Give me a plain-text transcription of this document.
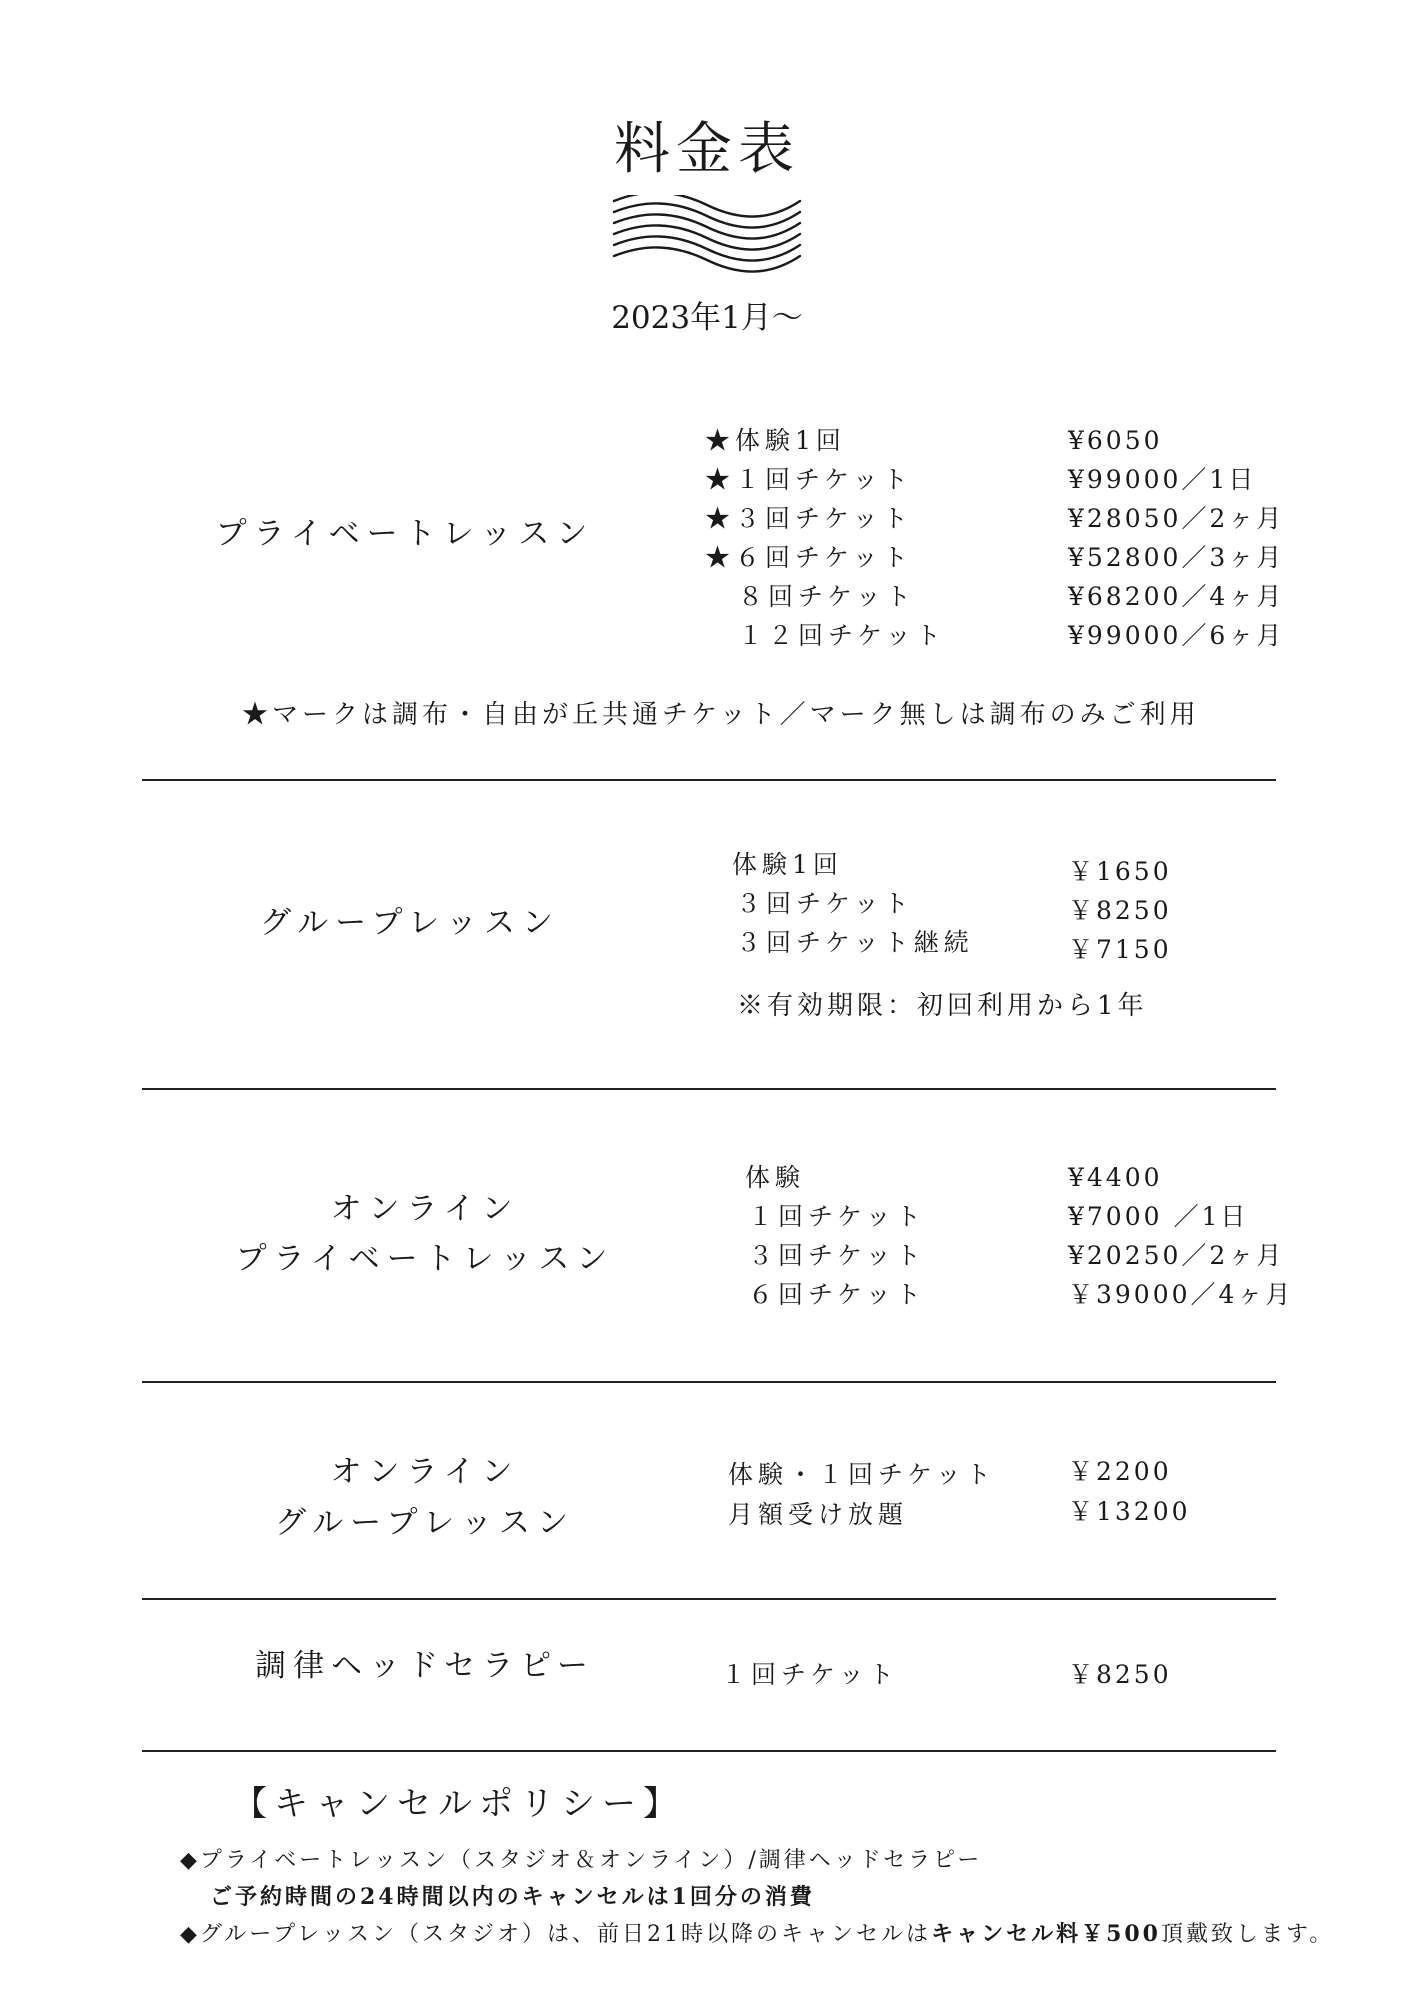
料金表
2023年1月～
プライベートレッスン
★体験1回	¥6050
★１回チケット	¥99000／1日
★３回チケット	¥28050／2ヶ月
★６回チケット	¥52800／3ヶ月
８回チケット	¥68200／4ヶ月
１２回チケット	¥99000／6ヶ月
★マークは調布・自由が丘共通チケット／マーク無しは調布のみご利用
グループレッスン
体験1回	￥1650
３回チケット	￥8250
３回チケット継続	￥7150
※有効期限：初回利用から1年
オンライン
プライベートレッスン
体験	¥4400
１回チケット	¥7000 ／1日
３回チケット	¥20250／2ヶ月
６回チケット	￥39000／4ヶ月
オンライン
グループレッスン
体験・１回チケット	￥2200
月額受け放題	￥13200
調律ヘッドセラピー	１回チケット	￥8250
【キャンセルポリシー】
◆プライベートレッスン（スタジオ＆オンライン）/調律ヘッドセラピー
ご予約時間の24時間以内のキャンセルは1回分の消費
◆グループレッスン（スタジオ）は、前日21時以降のキャンセルはキャンセル料￥500頂戴致します。
